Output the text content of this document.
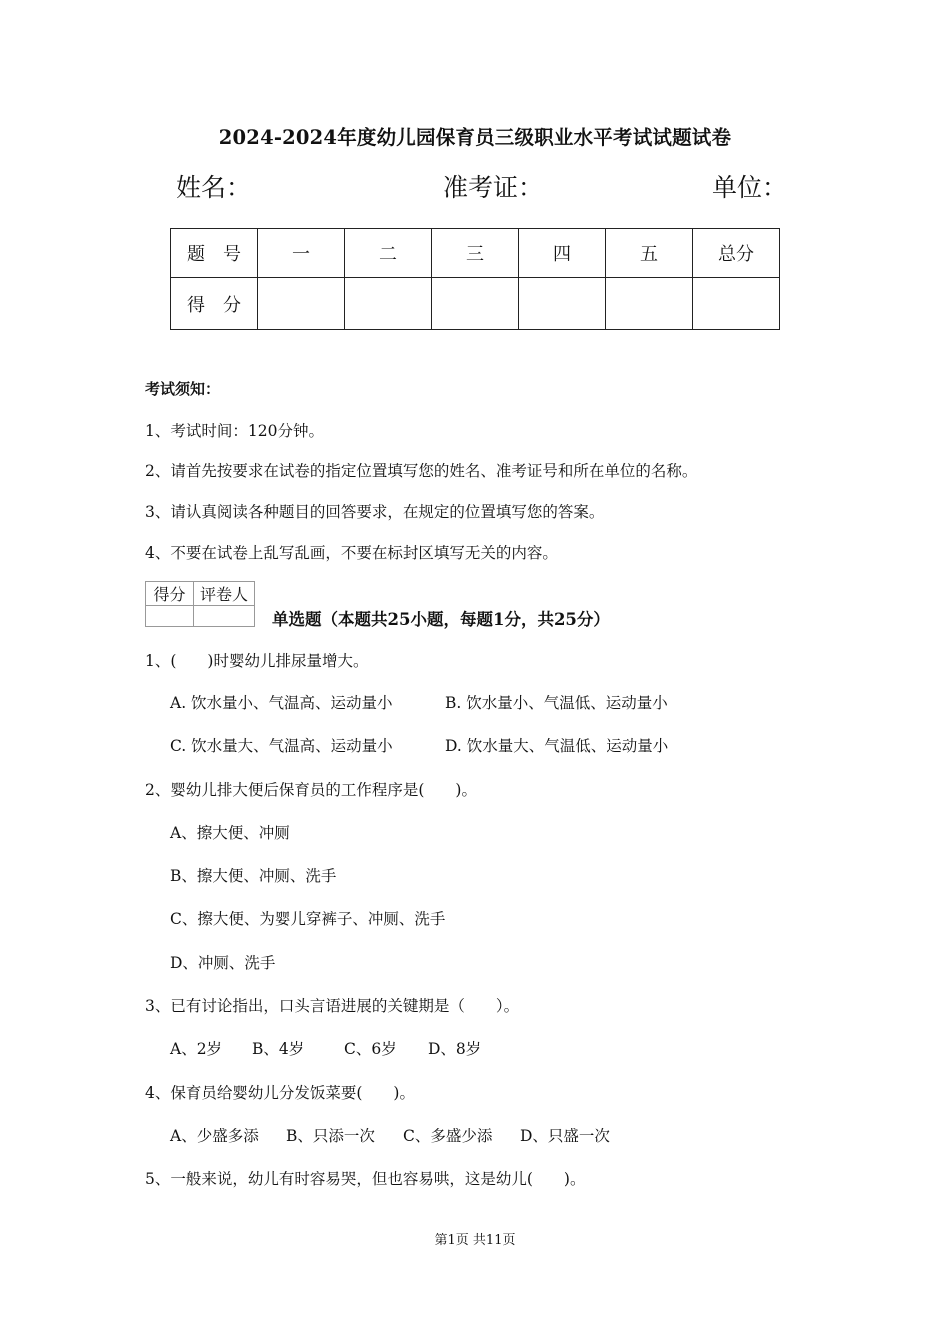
2024-2024年度幼儿园保育员三级职业水平考试试题试卷
姓名：	准考证：	单位：
题　号	一	二	三	四	五	总分
得　分						
考试须知：
1、考试时间：120分钟。
2、请首先按要求在试卷的指定位置填写您的姓名、准考证号和所在单位的名称。
3、请认真阅读各种题目的回答要求，在规定的位置填写您的答案。
4、不要在试卷上乱写乱画，不要在标封区填写无关的内容。
得分	评卷人

单选题（本题共25小题，每题1分，共25分）
1、(　　)时婴幼儿排尿量增大。
A. 饮水量小、气温高、运动量小	B. 饮水量小、气温低、运动量小
C. 饮水量大、气温高、运动量小	D. 饮水量大、气温低、运动量小
2、婴幼儿排大便后保育员的工作程序是(　　)。
A、擦大便、冲厕
B、擦大便、冲厕、洗手
C、擦大便、为婴儿穿裤子、冲厕、洗手
D、冲厕、洗手
3、已有讨论指出，口头言语进展的关键期是（　　）。
A、2岁 B、4岁	C、6岁 D、8岁
4、保育员给婴幼儿分发饭菜要(　　)。
A、少盛多添 B、只添一次 C、多盛少添 D、只盛一次
5、一般来说，幼儿有时容易哭，但也容易哄，这是幼儿(　　)。
第1页 共11页
